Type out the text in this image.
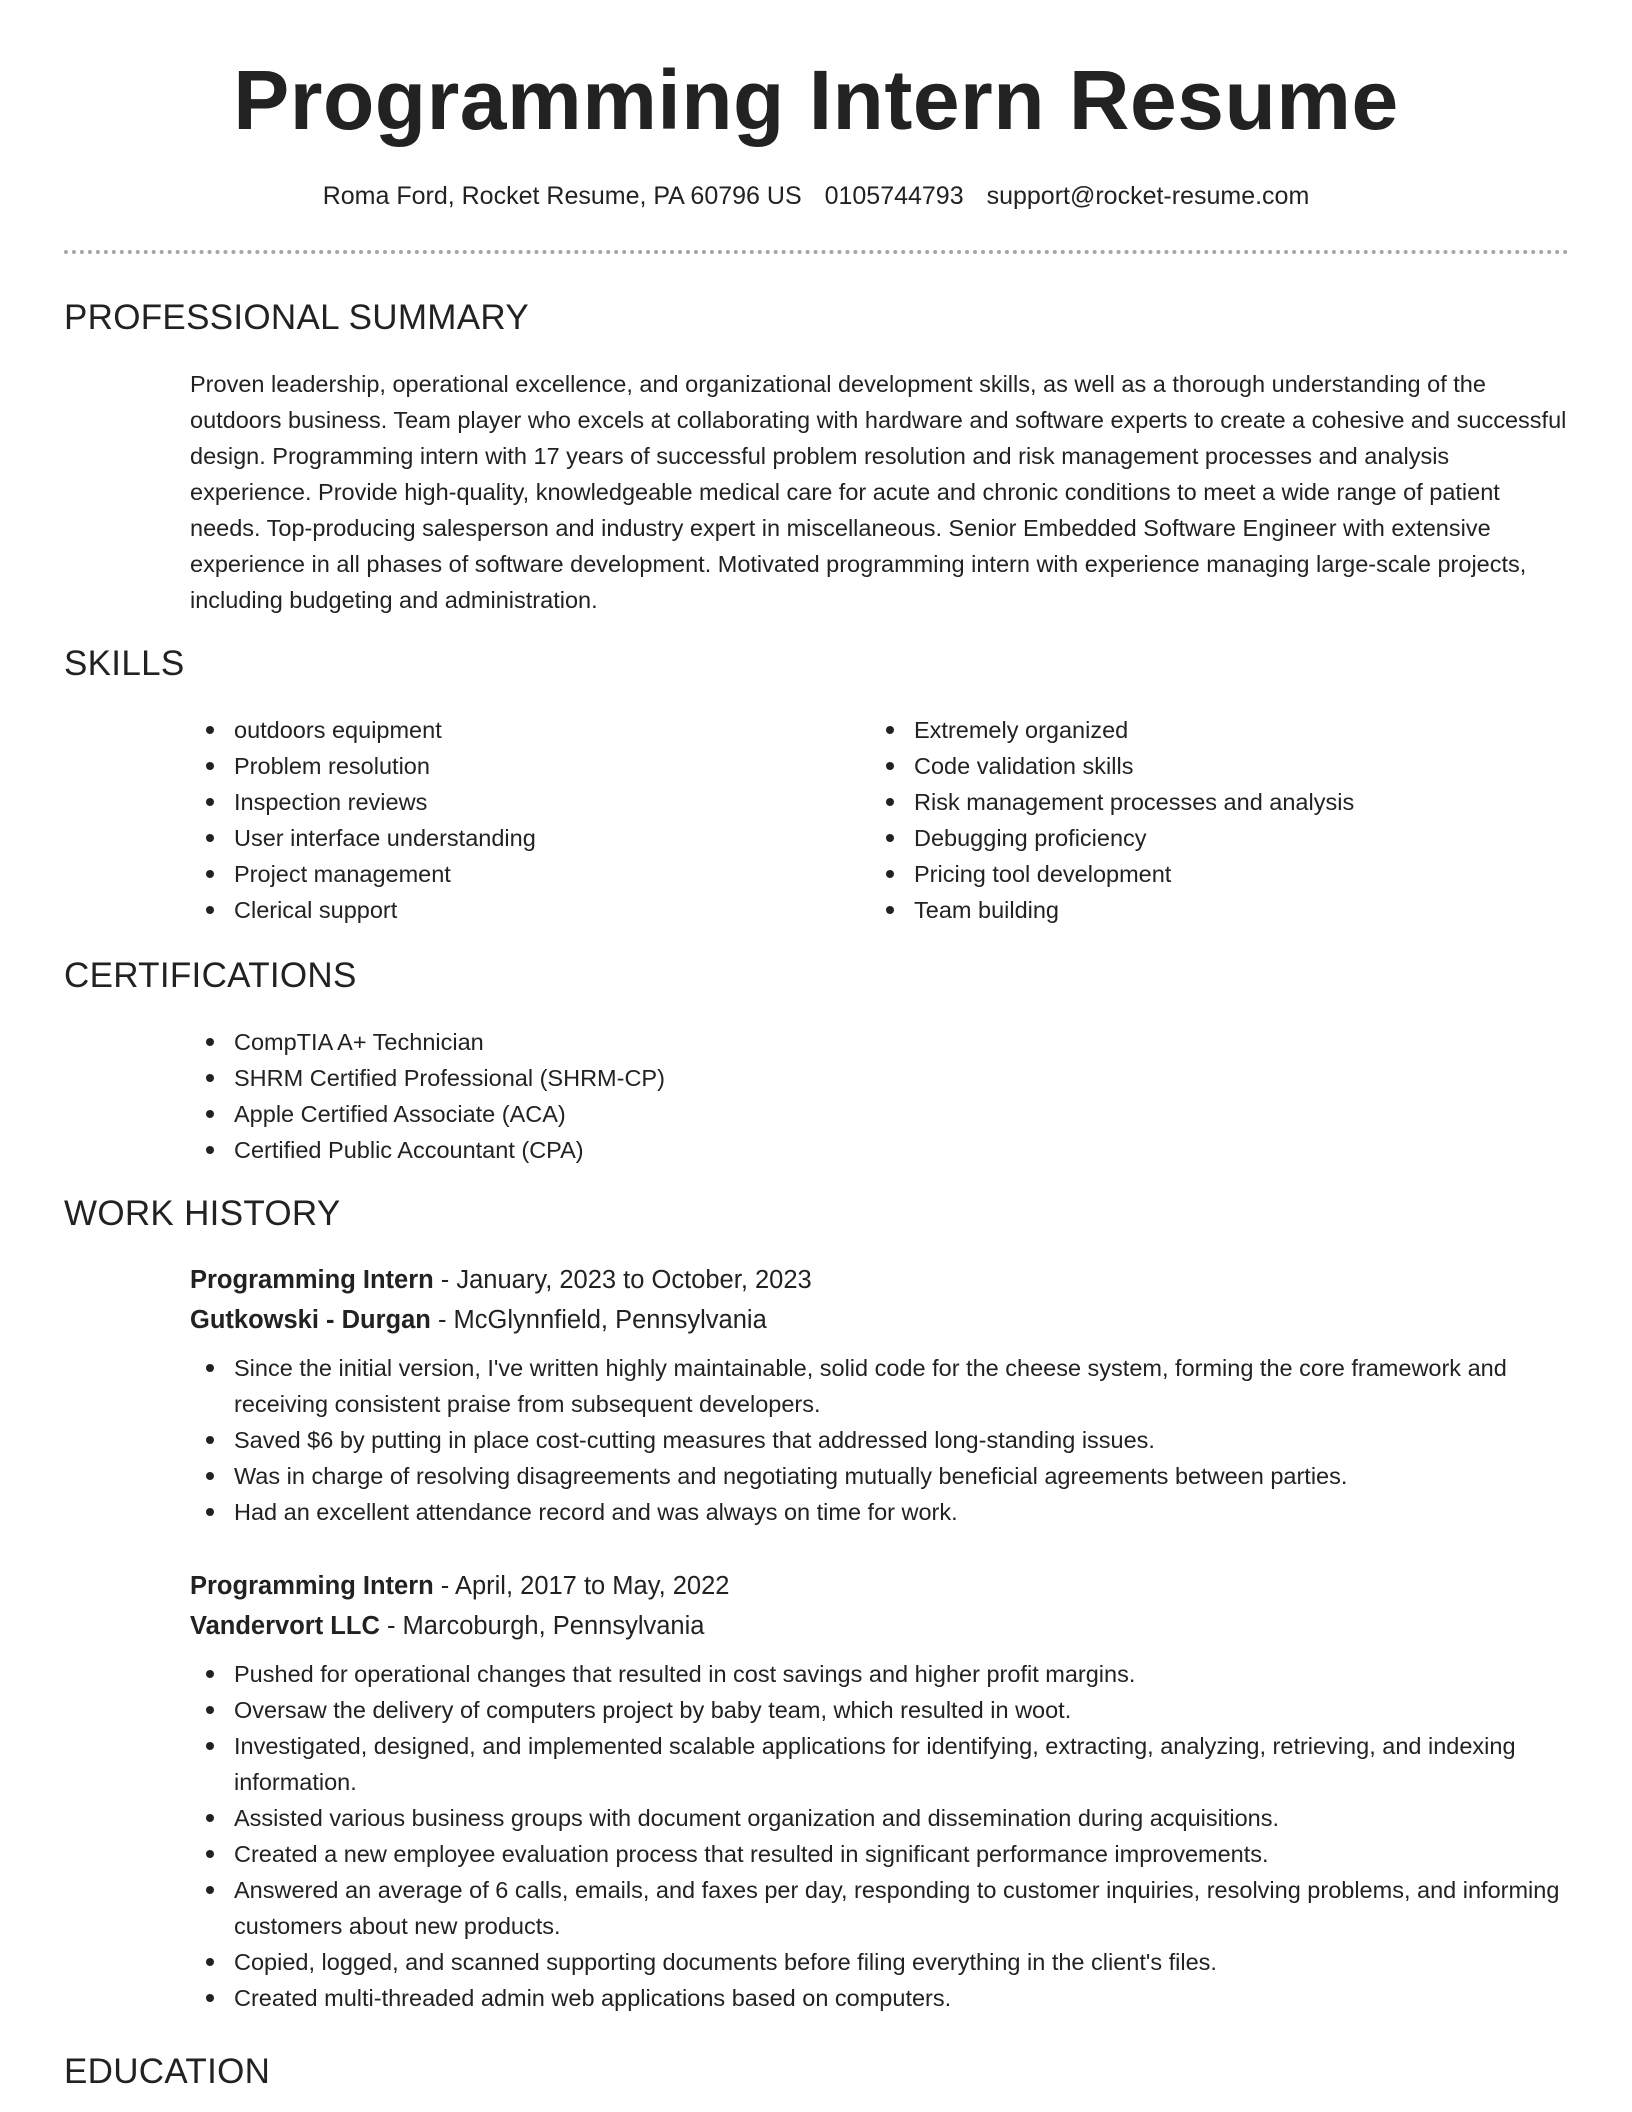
Programming Intern Resume
Roma Ford, Rocket Resume, PA 60796 US 0105744793 support@rocket-resume.com
PROFESSIONAL SUMMARY

Proven leadership, operational excellence, and organizational development skills, as well as a thorough understanding of the outdoors business. Team player who excels at collaborating with hardware and software experts to create a cohesive and successful design. Programming intern with 17 years of successful problem resolution and risk management processes and analysis experience. Provide high-quality, knowledgeable medical care for acute and chronic conditions to meet a wide range of patient needs. Top-producing salesperson and industry expert in miscellaneous. Senior Embedded Software Engineer with extensive experience in all phases of software development. Motivated programming intern with experience managing large-scale projects, including budgeting and administration.

SKILLS
outdoors equipment
Problem resolution
Inspection reviews
User interface understanding
Project management
Clerical support
Extremely organized
Code validation skills
Risk management processes and analysis
Debugging proficiency
Pricing tool development
Team building
CERTIFICATIONS
CompTIA A+ Technician
SHRM Certified Professional (SHRM-CP)
Apple Certified Associate (ACA)
Certified Public Accountant (CPA)
WORK HISTORY
Programming Intern - January, 2023 to October, 2023
Gutkowski - Durgan - McGlynnfield, Pennsylvania
Since the initial version, I've written highly maintainable, solid code for the cheese system, forming the core framework and receiving consistent praise from subsequent developers.
Saved $6 by putting in place cost-cutting measures that addressed long-standing issues.
Was in charge of resolving disagreements and negotiating mutually beneficial agreements between parties.
Had an excellent attendance record and was always on time for work.
Programming Intern - April, 2017 to May, 2022
Vandervort LLC - Marcoburgh, Pennsylvania
Pushed for operational changes that resulted in cost savings and higher profit margins.
Oversaw the delivery of computers project by baby team, which resulted in woot.
Investigated, designed, and implemented scalable applications for identifying, extracting, analyzing, retrieving, and indexing information.
Assisted various business groups with document organization and dissemination during acquisitions.
Created a new employee evaluation process that resulted in significant performance improvements.
Answered an average of 6 calls, emails, and faxes per day, responding to customer inquiries, resolving problems, and informing customers about new products.
Copied, logged, and scanned supporting documents before filing everything in the client's files.
Created multi-threaded admin web applications based on computers.
EDUCATION
